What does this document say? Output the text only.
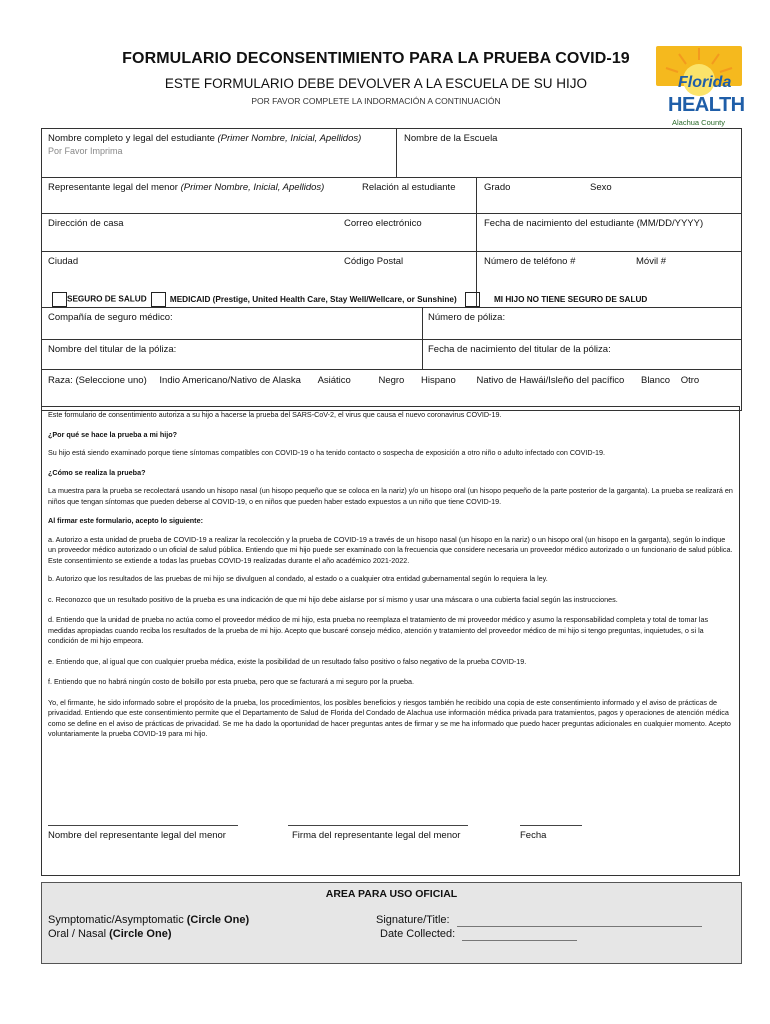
FORMULARIO DECONSENTIMIENTO PARA LA PRUEBA COVID-19
ESTE FORMULARIO DEBE DEVOLVER A LA ESCUELA DE SU HIJO
POR FAVOR COMPLETE LA INDORMACIÓN A CONTINUACIÓN
Florida
HEALTH
Alachua County
Nombre completo y legal del estudiante (Primer Nombre, Inicial, Apellidos)
Por Favor Imprima
Nombre de la Escuela
Representante legal del menor (Primer Nombre, Inicial, Apellidos)	Relación al estudiante	Grado	Sexo
Dirección de casa	Correo electrónico	Fecha de nacimiento del estudiante (MM/DD/YYYY)
Ciudad	Código Postal	Número de teléfono #	Móvil #
SEGURO DE SALUD	MEDICAID (Prestige, United Health Care, Stay Well/Wellcare, or Sunshine)	MI HIJO NO TIENE SEGURO DE SALUD
Compañía de seguro médico:	Número de póliza:
Nombre del titular de la póliza:	Fecha de nacimiento del titular de la póliza:
Raza: (Seleccione uno) Indio Americano/Nativo de Alaska Asiático	Negro Hispano Nativo de Hawái/Isleño del pacífico Blanco Otro

Este formulario de consentimiento autoriza a su hijo a hacerse la prueba del SARS-CoV-2, el virus que causa el nuevo coronavirus COVID-19.

¿Por qué se hace la prueba a mi hijo?

Su hijo está siendo examinado porque tiene síntomas compatibles con COVID-19 o ha tenido contacto o sospecha de exposición a otro niño o adulto infectado con COVID-19.

¿Cómo se realiza la prueba?

La muestra para la prueba se recolectará usando un hisopo nasal (un hisopo pequeño que se coloca en la nariz) y/o un hisopo oral (un hisopo pequeño de la parte posterior de la garganta). La prueba se realizará en niños que tengan síntomas que pueden deberse al COVID-19, o en niños que pueden haber estado expuestos a un niño que tiene COVID-19.

Al firmar este formulario, acepto lo siguiente:

a. Autorizo a esta unidad de prueba de COVID-19 a realizar la recolección y la prueba de COVID-19 a través de un hisopo nasal (un hisopo en la nariz) o un hisopo oral (un hisopo en la garganta), según lo indique un proveedor médico autorizado o un oficial de salud pública. Entiendo que mi hijo puede ser examinado con la frecuencia que considere necesaria un proveedor médico autorizado o un funcionario de salud pública. Este consentimiento se extiende a todas las pruebas COVID-19 realizadas durante el año académico 2021-2022.

b. Autorizo que los resultados de las pruebas de mi hijo se divulguen al condado, al estado o a cualquier otra entidad gubernamental según lo requiera la ley.

c. Reconozco que un resultado positivo de la prueba es una indicación de que mi hijo debe aislarse por sí mismo y usar una máscara o una cubierta facial según las instrucciones.

d. Entiendo que la unidad de prueba no actúa como el proveedor médico de mi hijo, esta prueba no reemplaza el tratamiento de mi proveedor médico y asumo la responsabilidad completa y total de tomar las medidas apropiadas cuando reciba los resultados de la prueba de mi hijo. Acepto que buscaré consejo médico, atención y tratamiento del proveedor médico de mi hijo si tengo preguntas, inquietudes, o si la condición de mi hijo empeora.

e. Entiendo que, al igual que con cualquier prueba médica, existe la posibilidad de un resultado falso positivo o falso negativo de la prueba COVID-19.

f. Entiendo que no habrá ningún costo de bolsillo por esta prueba, pero que se facturará a mi seguro por la prueba.

Yo, el firmante, he sido informado sobre el propósito de la prueba, los procedimientos, los posibles beneficios y riesgos también he recibido una copia de este consentimiento informado y el aviso de prácticas de privacidad. Entiendo que este consentimiento permite que el Departamento de Salud de Florida del Condado de Alachua use información médica privada para tratamientos, pagos y operaciones de atención médica como se define en el aviso de prácticas de privacidad. Se me ha dado la oportunidad de hacer preguntas antes de firmar y se me ha informado que puedo hacer preguntas adicionales en cualquier momento. Acepto voluntariamente la prueba COVID-19 para mi hijo.

Nombre del representante legal del menor	Firma del representante legal del menor	Fecha
AREA PARA USO OFICIAL
Symptomatic/Asymptomatic (Circle One)
Oral / Nasal (Circle One)
Signature/Title:
Date Collected:
